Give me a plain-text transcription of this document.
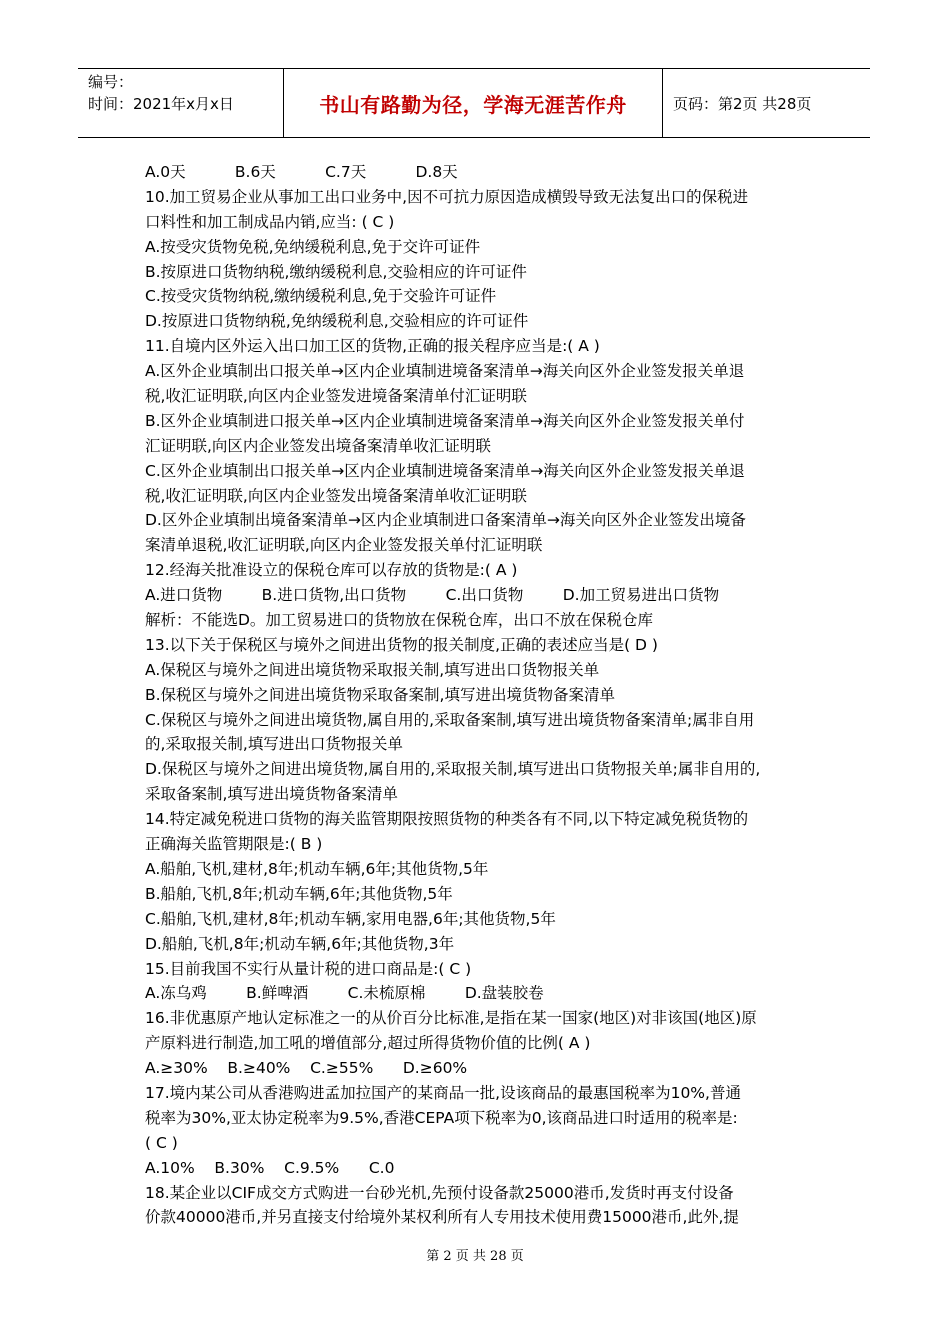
编号：
时间：2021年x月x日	书山有路勤为径，学海无涯苦作舟	页码：第2页 共28页
A.0天          B.6天          C.7天          D.8天
10.加工贸易企业从事加工出口业务中,因不可抗力原因造成横毁导致无法复出口的保税进
口料性和加工制成品内销,应当: ( C )
A.按受灾货物免税,免纳缓税利息,免于交许可证件
B.按原进口货物纳税,缴纳缓税利息,交验相应的许可证件
C.按受灾货物纳税,缴纳缓税利息,免于交验许可证件
D.按原进口货物纳税,免纳缓税利息,交验相应的许可证件
11.自境内区外运入出口加工区的货物,正确的报关程序应当是:( A )
A.区外企业填制出口报关单→区内企业填制进境备案清单→海关向区外企业签发报关单退
税,收汇证明联,向区内企业签发进境备案清单付汇证明联
B.区外企业填制进口报关单→区内企业填制进境备案清单→海关向区外企业签发报关单付
汇证明联,向区内企业签发出境备案清单收汇证明联
C.区外企业填制出口报关单→区内企业填制进境备案清单→海关向区外企业签发报关单退
税,收汇证明联,向区内企业签发出境备案清单收汇证明联
D.区外企业填制出境备案清单→区内企业填制进口备案清单→海关向区外企业签发出境备
案清单退税,收汇证明联,向区内企业签发报关单付汇证明联
12.经海关批准设立的保税仓库可以存放的货物是:( A )
A.进口货物        B.进口货物,出口货物        C.出口货物        D.加工贸易进出口货物
解析：不能选D。加工贸易进口的货物放在保税仓库，出口不放在保税仓库
13.以下关于保税区与境外之间进出货物的报关制度,正确的表述应当是( D )
A.保税区与境外之间进出境货物采取报关制,填写进出口货物报关单
B.保税区与境外之间进出境货物采取备案制,填写进出境货物备案清单
C.保税区与境外之间进出境货物,属自用的,采取备案制,填写进出境货物备案清单;属非自用
的,采取报关制,填写进出口货物报关单
D.保税区与境外之间进出境货物,属自用的,采取报关制,填写进出口货物报关单;属非自用的,
采取备案制,填写进出境货物备案清单
14.特定减免税进口货物的海关监管期限按照货物的种类各有不同,以下特定减免税货物的
正确海关监管期限是:( B )
A.船舶,飞机,建材,8年;机动车辆,6年;其他货物,5年
B.船舶,飞机,8年;机动车辆,6年;其他货物,5年
C.船舶,飞机,建材,8年;机动车辆,家用电器,6年;其他货物,5年
D.船舶,飞机,8年;机动车辆,6年;其他货物,3年
15.目前我国不实行从量计税的进口商品是:( C )
A.冻乌鸡        B.鲜啤酒        C.未梳原棉        D.盘装胶卷
16.非优惠原产地认定标准之一的从价百分比标准,是指在某一国家(地区)对非该国(地区)原
产原料进行制造,加工吼的增值部分,超过所得货物价值的比例( A )
A.≥30%    B.≥40%    C.≥55%      D.≥60%
17.境内某公司从香港购进孟加拉国产的某商品一批,设该商品的最惠国税率为10%,普通
税率为30%,亚太协定税率为9.5%,香港CEPA项下税率为0,该商品进口时适用的税率是:
( C )
A.10%    B.30%    C.9.5%      C.0
18.某企业以CIF成交方式购进一台砂光机,先预付设备款25000港币,发货时再支付设备
价款40000港币,并另直接支付给境外某权利所有人专用技术使用费15000港币,此外,提
第 2 页 共 28 页
